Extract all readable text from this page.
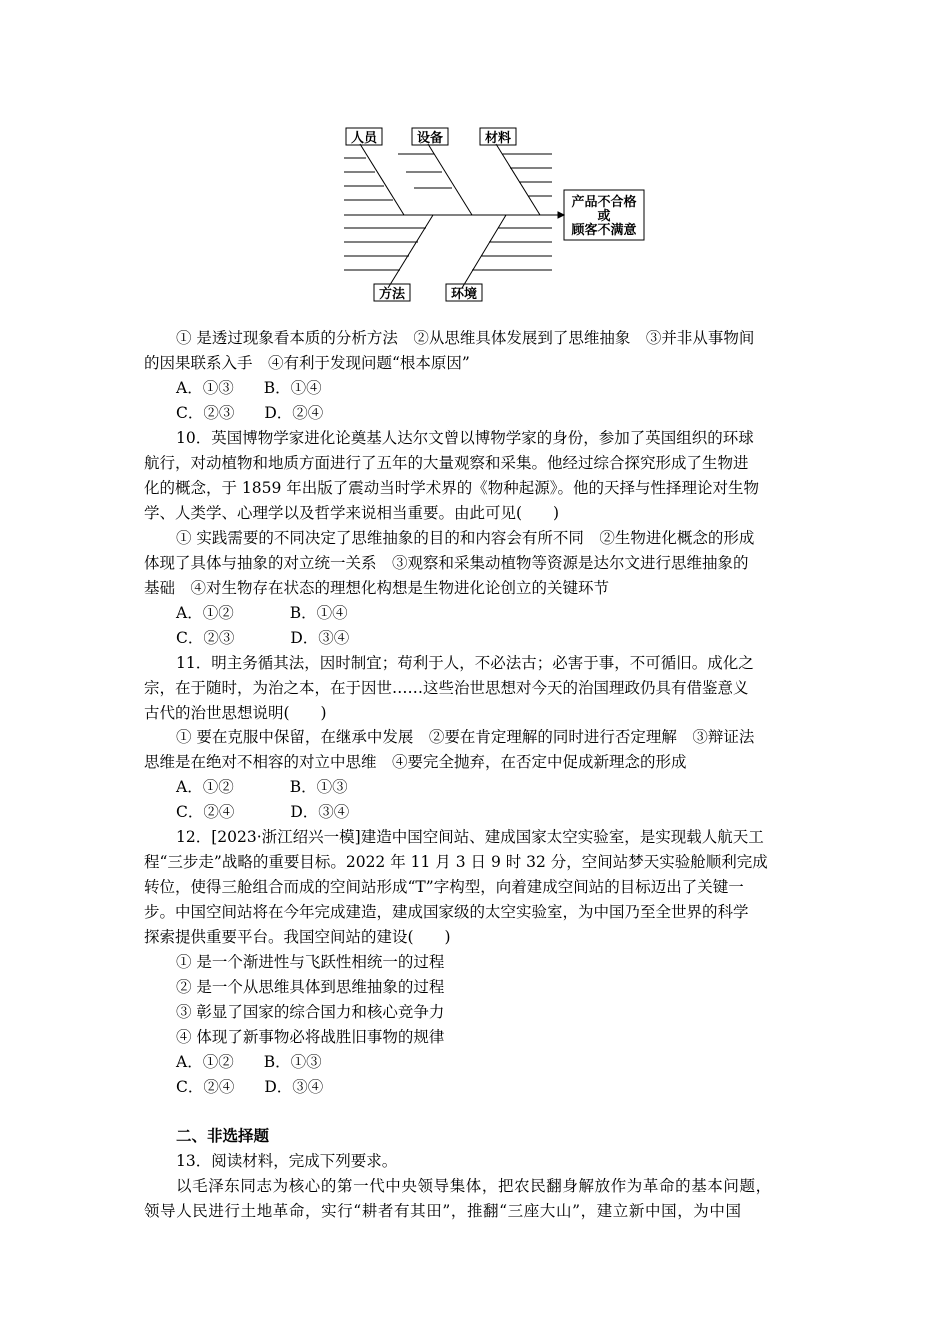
人员	设备	材料
方法	环境
产品不合格
或
顾客不满意
① 是透过现象看本质的分析方法　②从思维具体发展到了思维抽象　③并非从事物间
的因果联系入手　④有利于发现问题“根本原因”
A．①③ B．①④
C．②③ D．②④
10．英国博物学家进化论奠基人达尔文曾以博物学家的身份，参加了英国组织的环球
航行，对动植物和地质方面进行了五年的大量观察和采集。他经过综合探究形成了生物进
化的概念，于 1859 年出版了震动当时学术界的《物种起源》。他的天择与性择理论对生物
学、人类学、心理学以及哲学来说相当重要。由此可见(　　)
① 实践需要的不同决定了思维抽象的目的和内容会有所不同　②生物进化概念的形成
体现了具体与抽象的对立统一关系　③观察和采集动植物等资源是达尔文进行思维抽象的
基础　④对生物存在状态的理想化构想是生物进化论创立的关键环节
A．①②	B．①④
C．②③	D．③④
11．明主务循其法，因时制宜；苟利于人，不必法古；必害于事，不可循旧。成化之
宗，在于随时，为治之本，在于因世……这些治世思想对今天的治国理政仍具有借鉴意义
古代的治世思想说明(　　)
① 要在克服中保留，在继承中发展　②要在肯定理解的同时进行否定理解　③辩证法
思维是在绝对不相容的对立中思维　④要完全抛弃，在否定中促成新理念的形成
A．①②	B．①③
C．②④	D．③④
12．[2023·浙江绍兴一模]建造中国空间站、建成国家太空实验室，是实现载人航天工
程“三步走”战略的重要目标。2022 年 11 月 3 日 9 时 32 分，空间站梦天实验舱顺利完成
转位，使得三舱组合而成的空间站形成“T”字构型，向着建成空间站的目标迈出了关键一
步。中国空间站将在今年完成建造，建成国家级的太空实验室，为中国乃至全世界的科学
探索提供重要平台。我国空间站的建设(　　)
① 是一个渐进性与飞跃性相统一的过程
② 是一个从思维具体到思维抽象的过程
③ 彰显了国家的综合国力和核心竞争力
④ 体现了新事物必将战胜旧事物的规律
A．①② B．①③
C．②④ D．③④
二、非选择题
13．阅读材料，完成下列要求。
以毛泽东同志为核心的第一代中央领导集体，把农民翻身解放作为革命的基本问题，
领导人民进行土地革命，实行“耕者有其田”，推翻“三座大山”，建立新中国，为中国
